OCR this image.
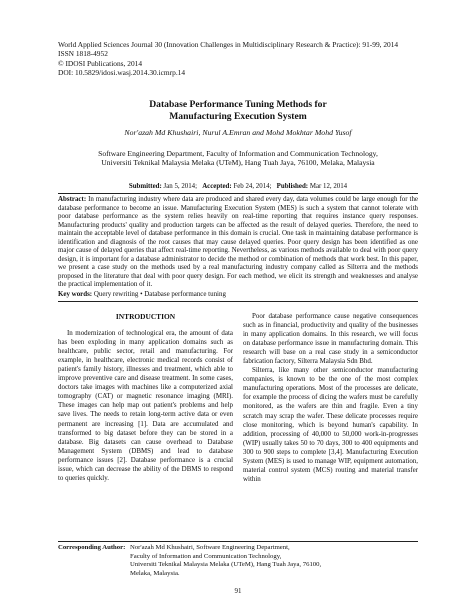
World Applied Sciences Journal 30 (Innovation Challenges in Multidisciplinary Research & Practice): 91-99, 2014
ISSN 1818-4952
© IDOSI Publications, 2014
DOI: 10.5829/idosi.wasj.2014.30.icmrp.14
Database Performance Tuning Methods for
Manufacturing Execution System
Nor'azah Md Khushairi, Nurul A.Emran and Mohd Mokhtar Mohd Yusof
Software Engineering Department, Faculty of Information and Communication Technology,
Universiti Teknikal Malaysia Melaka (UTeM), Hang Tuah Jaya, 76100, Melaka, Malaysia
Submitted: Jan 5, 2014; Accepted: Feb 24, 2014; Published: Mar 12, 2014
Abstract: In manufacturing industry where data are produced and shared every day, data volumes could be large enough for the database performance to become an issue. Manufacturing Execution System (MES) is such a system that cannot tolerate with poor database performance as the system relies heavily on real-time reporting that requires instance query responses. Manufacturing products' quality and production targets can be affected as the result of delayed queries. Therefore, the need to maintain the acceptable level of database performance in this domain is crucial. One task in maintaining database performance is identification and diagnosis of the root causes that may cause delayed queries. Poor query design has been identified as one major cause of delayed queries that affect real-time reporting. Nevertheless, as various methods available to deal with poor query design, it is important for a database administrator to decide the method or combination of methods that work best. In this paper, we present a case study on the methods used by a real manufacturing industry company called as Silterra and the methods proposed in the literature that deal with poor query design. For each method, we elicit its strength and weaknesses and analyse the practical implementation of it.
Key words: Query rewriting • Database performance tuning

INTRODUCTION

In modernization of technological era, the amount of data has been exploding in many application domains such as healthcare, public sector, retail and manufacturing. For example, in healthcare, electronic medical records consist of patient's family history, illnesses and treatment, which able to improve preventive care and disease treatment. In some cases, doctors take images with machines like a computerized axial tomography (CAT) or magnetic resonance imaging (MRI). These images can help map out patient's problems and help save lives. The needs to retain long-term active data or even permanent are increasing [1]. Data are accumulated and transformed to big dataset before they can be stored in a database. Big datasets can cause overhead to Database Management System (DBMS) and lead to database performance issues [2]. Database performance is a crucial issue, which can decrease the ability of the DBMS to respond to queries quickly.

Poor database performance cause negative consequences such as in financial, productivity and quality of the businesses in many application domains. In this research, we will focus on database performance issue in manufacturing domain. This research will base on a real case study in a semiconductor fabrication factory, Silterra Malaysia Sdn Bhd.

Silterra, like many other semiconductor manufacturing companies, is known to be the one of the most complex manufacturing operations. Most of the processes are delicate, for example the process of dicing the wafers must be carefully monitored, as the wafers are thin and fragile. Even a tiny scratch may scrap the wafer. These delicate processes require close monitoring, which is beyond human's capability. In addition, processing of 40,000 to 50,000 work-in-progresses (WIP) usually takes 50 to 70 days, 300 to 400 equipments and 300 to 900 steps to complete [3,4]. Manufacturing Execution System (MES) is used to manage WIP, equipment automation, material control system (MCS) routing and material transfer within

Corresponding Author: Nor'azah Md Khushairi, Software Engineering Department,
Faculty of Information and Communication Technology,
Universiti Teknikal Malaysia Melaka (UTeM), Hang Tuah Jaya, 76100,
Melaka, Malaysia.
91
